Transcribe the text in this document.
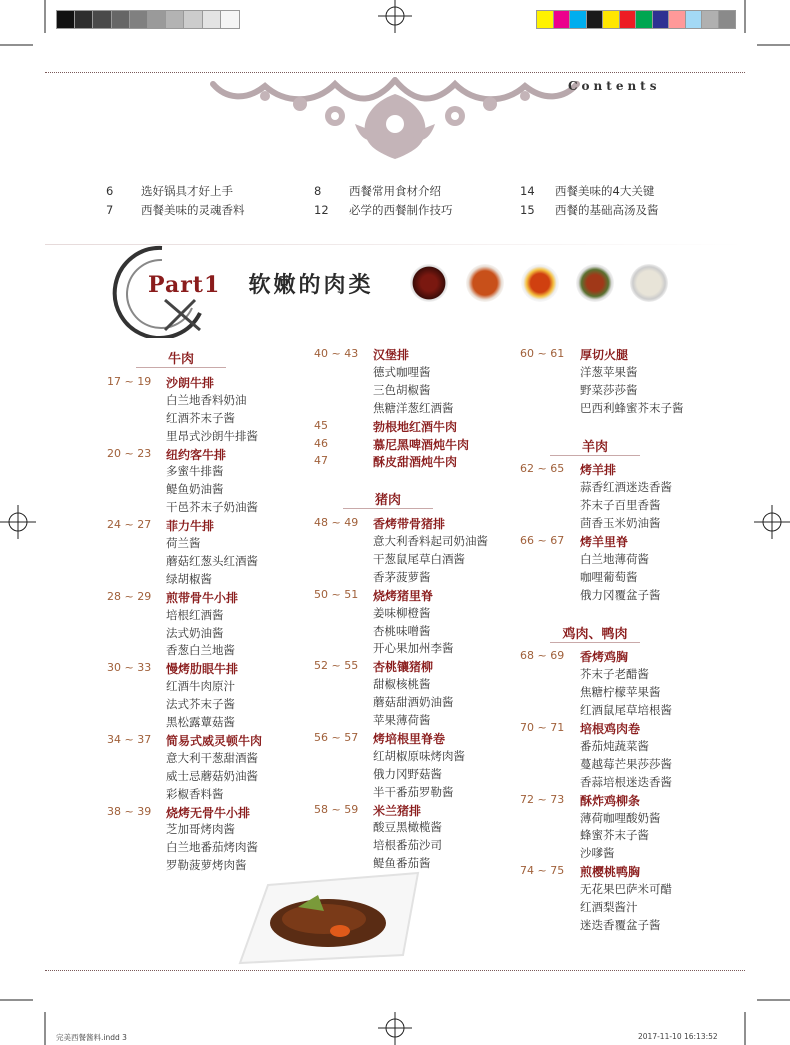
Contents
6 选好锅具才好上手	8 西餐常用食材介绍	14 西餐美味的4大关键
7 西餐美味的灵魂香料	12 必学的西餐制作技巧	15 西餐的基础高汤及酱
Part1 软嫩的肉类
牛肉
17 ~ 19 沙朗牛排
白兰地香料奶油
红酒芥末子酱
里昂式沙朗牛排酱
20 ~ 23 纽约客牛排
多蜜牛排酱
鳀鱼奶油酱
干邑芥末子奶油酱
24 ~ 27 菲力牛排
荷兰酱
蘑菇红葱头红酒酱
绿胡椒酱
28 ~ 29 煎带骨牛小排
培根红酒酱
法式奶油酱
香葱白兰地酱
30 ~ 33 慢烤肋眼牛排
红酒牛肉原汁
法式芥末子酱
黑松露蕈菇酱
34 ~ 37 简易式威灵顿牛肉
意大利干葱甜酒酱
威士忌蘑菇奶油酱
彩椒香料酱
38 ~ 39 烧烤无骨牛小排
芝加哥烤肉酱
白兰地番茄烤肉酱
罗勒菠萝烤肉酱
40 ~ 43 汉堡排
德式咖哩酱
三色胡椒酱
焦糖洋葱红酒酱
45	勃根地红酒牛肉
46	慕尼黑啤酒炖牛肉
47	酥皮甜酒炖牛肉
猪肉
48 ~ 49 香烤带骨猪排
意大利香料起司奶油酱
干葱鼠尾草白酒酱
香茅菠萝酱
50 ~ 51 烧烤猪里脊
姜味柳橙酱
杏桃味噌酱
开心果加州李酱
52 ~ 55 杏桃镶猪柳
甜椒核桃酱
蘑菇甜酒奶油酱
苹果薄荷酱
56 ~ 57 烤培根里脊卷
红胡椒原味烤肉酱
俄力冈野菇酱
半干番茄罗勒酱
58 ~ 59 米兰猪排
酸豆黑橄榄酱
培根番茄沙司
鳀鱼番茄酱
60 ~ 61 厚切火腿
洋葱苹果酱
野菜莎莎酱
巴西利蜂蜜芥末子酱
羊肉
62 ~ 65 烤羊排
蒜香红酒迷迭香酱
芥末子百里香酱
茴香玉米奶油酱
66 ~ 67 烤羊里脊
白兰地薄荷酱
咖哩葡萄酱
俄力冈覆盆子酱
鸡肉、鸭肉
68 ~ 69 香烤鸡胸
芥末子老醋酱
焦糖柠檬苹果酱
红酒鼠尾草培根酱
70 ~ 71 培根鸡肉卷
番茄炖蔬菜酱
蔓越莓芒果莎莎酱
香蒜培根迷迭香酱
72 ~ 73 酥炸鸡柳条
薄荷咖哩酸奶酱
蜂蜜芥末子酱
沙嗲酱
74 ~ 75 煎樱桃鸭胸
无花果巴萨米可醋
红酒梨酱汁
迷迭香覆盆子酱
完美西餐酱料.indd 3	2017-11-10 16:13:52
